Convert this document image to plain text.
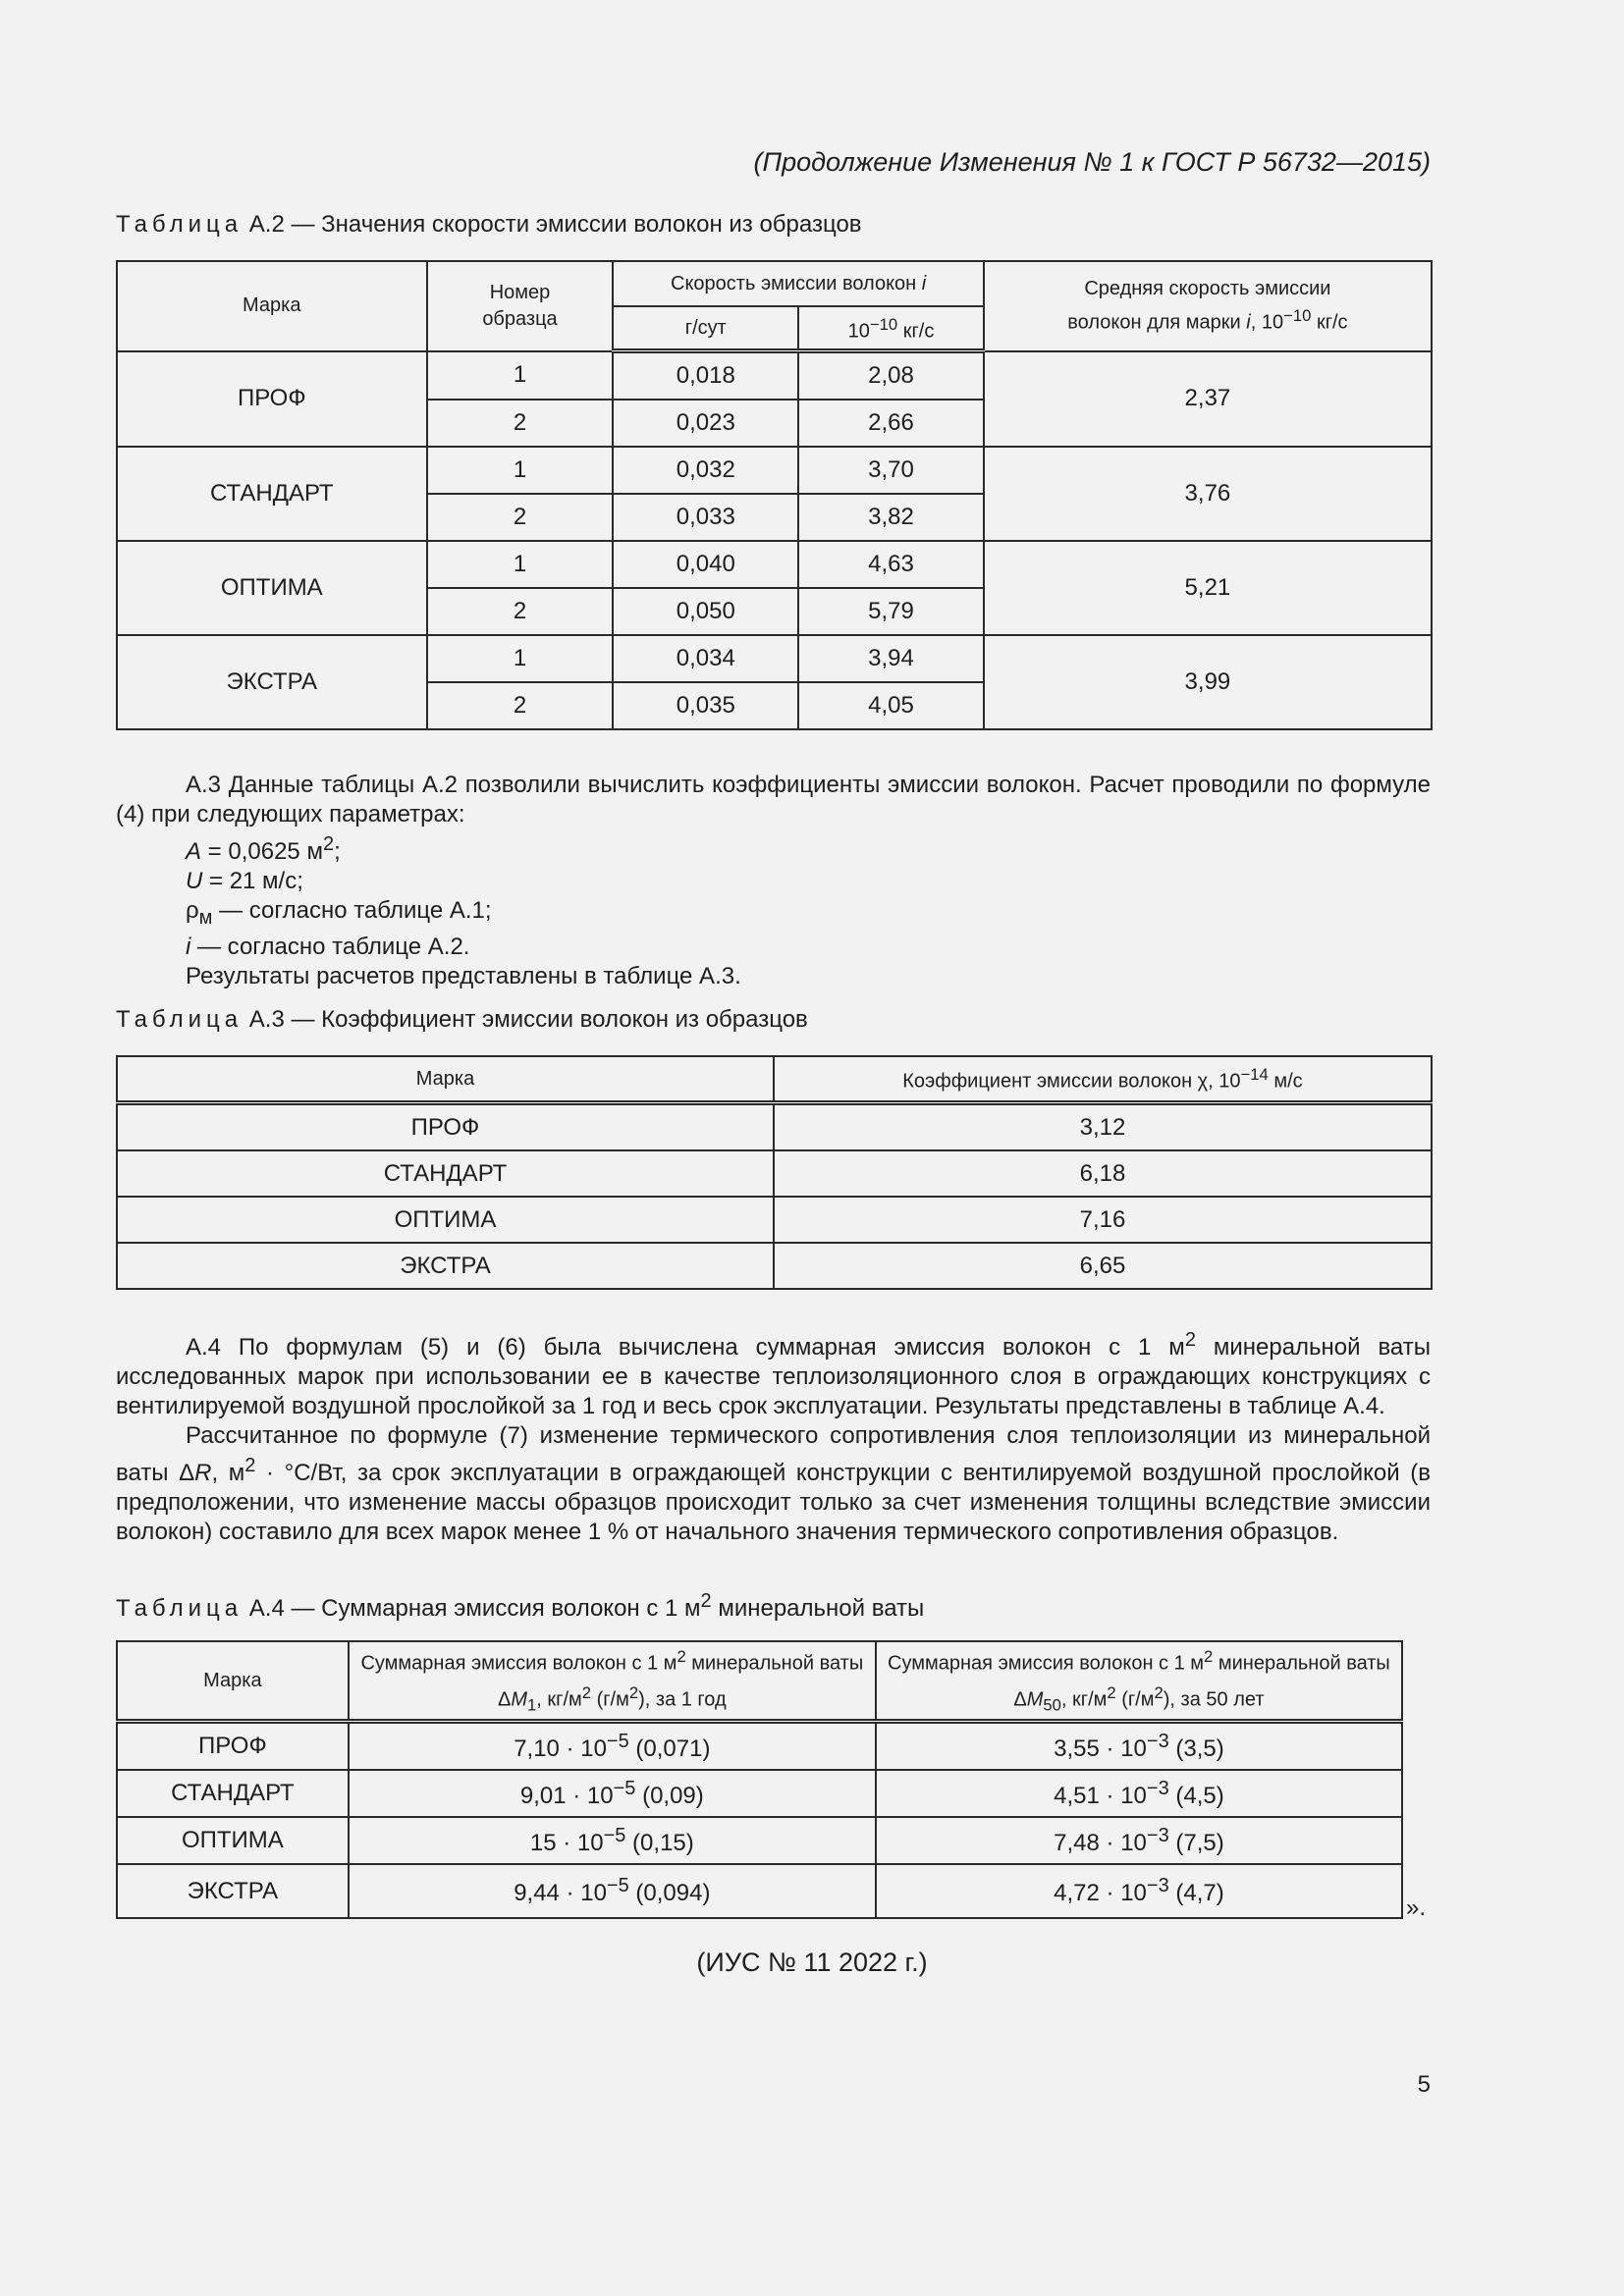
(Продолжение Изменения № 1 к ГОСТ Р 56732—2015)

Таблица А.2 — Значения скорости эмиссии волокон из образцов

Марка	Номер образца	Скорость эмиссии волокон i		Средняя скорость эмиссии
волокон для марки i, $10^{-10}$ кг/с
		г/сут	$10^{-10}$ кг/с	
ПРОФ	1	0,018	2,08	2,37
	2	0,023	2,66	
СТАНДАРТ	1	0,032	3,70	3,76
	2	0,033	3,82	
ОПТИМА	1	0,040	4,63	5,21
	2	0,050	5,79	
ЭКСТРА	1	0,034	3,94	3,99
	2	0,035	4,05	

А.3 Данные таблицы А.2 позволили вычислить коэффициенты эмиссии волокон. Расчет проводили по формуле (4) при следующих параметрах:

A = 0,0625 $м^2$;

U = 21 м/с;

$\rho_м$ — согласно таблице А.1;

i — согласно таблице А.2.

Результаты расчетов представлены в таблице А.3.

Таблица А.3 — Коэффициент эмиссии волокон из образцов

Марка	Коэффициент эмиссии волокон χ, $10^{-14}$ м/с
ПРОФ	3,12
СТАНДАРТ	6,18
ОПТИМА	7,16
ЭКСТРА	6,65

А.4 По формулам (5) и (6) была вычислена суммарная эмиссия волокон с 1 $м^2$ минеральной ваты исследованных марок при использовании ее в качестве теплоизоляционного слоя в ограждающих конструкциях с вентилируемой воздушной прослойкой за 1 год и весь срок эксплуатации. Результаты представлены в таблице А.4.

Рассчитанное по формуле (7) изменение термического сопротивления слоя теплоизоляции из минеральной ваты ΔR, $м^2 \cdot ^\circ С/Вт$, за срок эксплуатации в ограждающей конструкции с вентилируемой воздушной прослойкой (в предположении, что изменение массы образцов происходит только за счет изменения толщины вследствие эмиссии волокон) составило для всех марок менее 1 % от начального значения термического сопротивления образцов.

Таблица А.4 — Суммарная эмиссия волокон с 1 $м^2$ минеральной ваты

Марка	Суммарная эмиссия волокон с 1 $м^2$ минеральной ваты $\Delta M_1$, $кг/м^2$ $(г/м^2)$, за 1 год	Суммарная эмиссия волокон с 1 $м^2$ минеральной ваты $\Delta M_{50}$, $кг/м^2$ $(г/м^2)$, за 50 лет
ПРОФ	$7,10 \cdot 10^{-5}$ (0,071)	$3,55 \cdot 10^{-3}$ (3,5)
СТАНДАРТ	$9,01 \cdot 10^{-5}$ (0,09)	$4,51 \cdot 10^{-3}$ (4,5)
ОПТИМА	$15 \cdot 10^{-5}$ (0,15)	$7,48 \cdot 10^{-3}$ (7,5)
ЭКСТРА	$9,44 \cdot 10^{-5}$ (0,094)	$4,72 \cdot 10^{-3}$ (4,7)

».

(ИУС № 11 2022 г.)

5
